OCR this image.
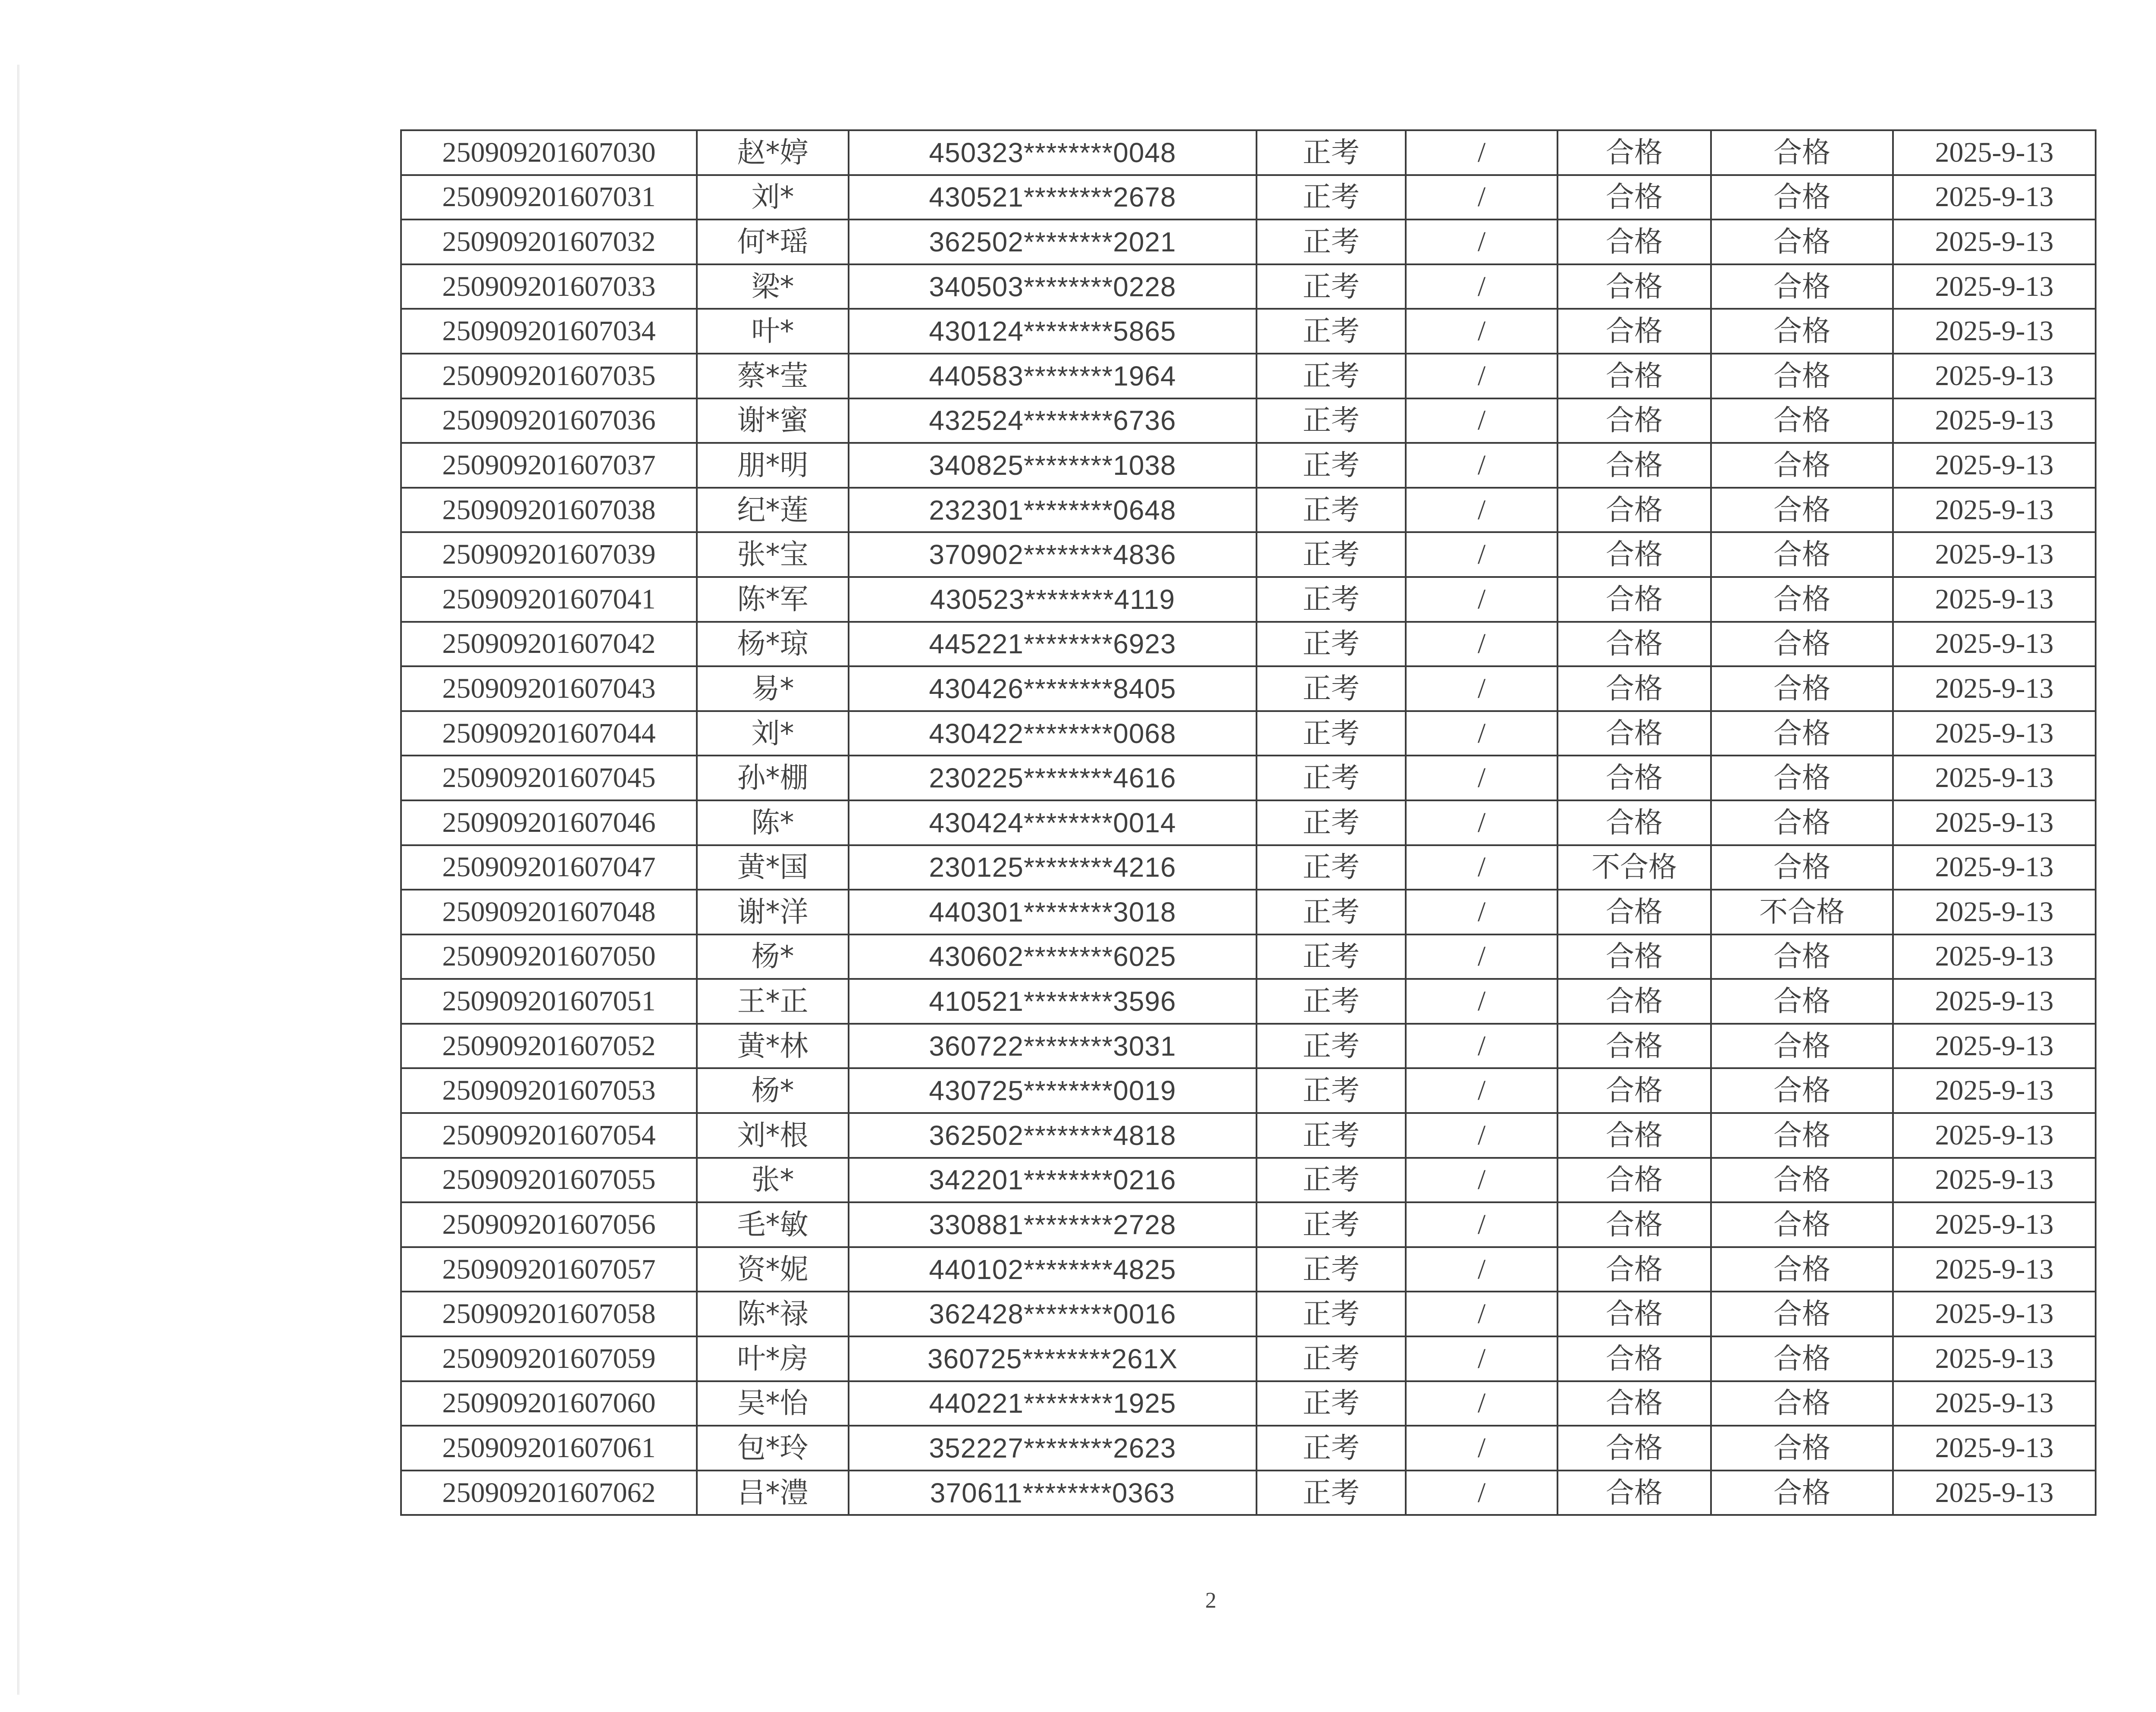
250909201607030	赵*婷	450323********0048	正考	/	合格	合格	2025-9-13
250909201607031	刘*	430521********2678	正考	/	合格	合格	2025-9-13
250909201607032	何*瑶	362502********2021	正考	/	合格	合格	2025-9-13
250909201607033	梁*	340503********0228	正考	/	合格	合格	2025-9-13
250909201607034	叶*	430124********5865	正考	/	合格	合格	2025-9-13
250909201607035	蔡*莹	440583********1964	正考	/	合格	合格	2025-9-13
250909201607036	谢*蜜	432524********6736	正考	/	合格	合格	2025-9-13
250909201607037	朋*明	340825********1038	正考	/	合格	合格	2025-9-13
250909201607038	纪*莲	232301********0648	正考	/	合格	合格	2025-9-13
250909201607039	张*宝	370902********4836	正考	/	合格	合格	2025-9-13
250909201607041	陈*军	430523********4119	正考	/	合格	合格	2025-9-13
250909201607042	杨*琼	445221********6923	正考	/	合格	合格	2025-9-13
250909201607043	易*	430426********8405	正考	/	合格	合格	2025-9-13
250909201607044	刘*	430422********0068	正考	/	合格	合格	2025-9-13
250909201607045	孙*棚	230225********4616	正考	/	合格	合格	2025-9-13
250909201607046	陈*	430424********0014	正考	/	合格	合格	2025-9-13
250909201607047	黄*国	230125********4216	正考	/	不合格	合格	2025-9-13
250909201607048	谢*洋	440301********3018	正考	/	合格	不合格	2025-9-13
250909201607050	杨*	430602********6025	正考	/	合格	合格	2025-9-13
250909201607051	王*正	410521********3596	正考	/	合格	合格	2025-9-13
250909201607052	黄*林	360722********3031	正考	/	合格	合格	2025-9-13
250909201607053	杨*	430725********0019	正考	/	合格	合格	2025-9-13
250909201607054	刘*根	362502********4818	正考	/	合格	合格	2025-9-13
250909201607055	张*	342201********0216	正考	/	合格	合格	2025-9-13
250909201607056	毛*敏	330881********2728	正考	/	合格	合格	2025-9-13
250909201607057	资*妮	440102********4825	正考	/	合格	合格	2025-9-13
250909201607058	陈*禄	362428********0016	正考	/	合格	合格	2025-9-13
250909201607059	叶*房	360725********261X	正考	/	合格	合格	2025-9-13
250909201607060	吴*怡	440221********1925	正考	/	合格	合格	2025-9-13
250909201607061	包*玲	352227********2623	正考	/	合格	合格	2025-9-13
250909201607062	吕*澧	370611********0363	正考	/	合格	合格	2025-9-13
2
